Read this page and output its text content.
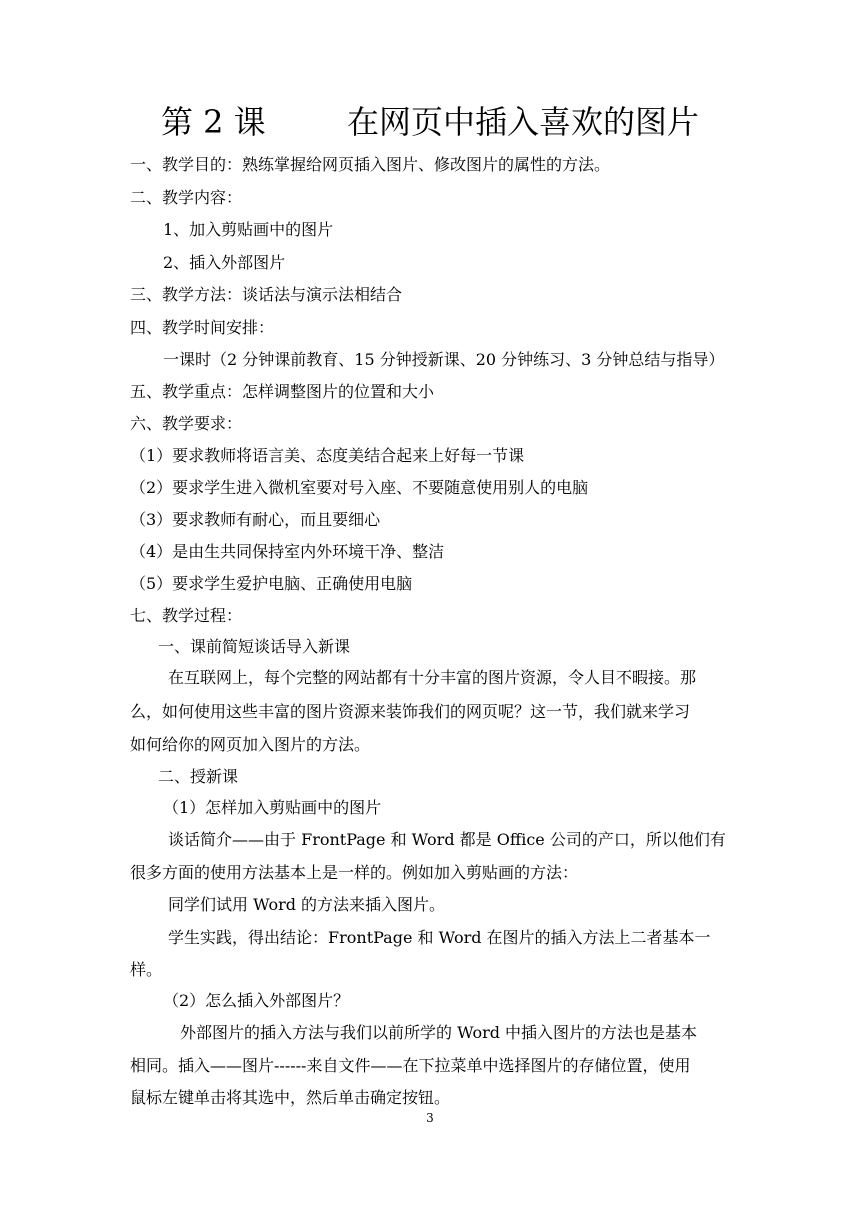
第 2 课        在网页中插入喜欢的图片
一、教学目的：熟练掌握给网页插入图片、修改图片的属性的方法。
二、教学内容：
1、加入剪贴画中的图片
2、插入外部图片
三、教学方法：谈话法与演示法相结合
四、教学时间安排：
一课时（2 分钟课前教育、15 分钟授新课、20 分钟练习、3 分钟总结与指导）
五、教学重点：怎样调整图片的位置和大小
六、教学要求：
（1）要求教师将语言美、态度美结合起来上好每一节课
（2）要求学生进入微机室要对号入座、不要随意使用别人的电脑
（3）要求教师有耐心，而且要细心
（4）是由生共同保持室内外环境干净、整洁
（5）要求学生爱护电脑、正确使用电脑
七、教学过程：
一、课前简短谈话导入新课
在互联网上，每个完整的网站都有十分丰富的图片资源，令人目不暇接。那
么，如何使用这些丰富的图片资源来装饰我们的网页呢？这一节，我们就来学习
如何给你的网页加入图片的方法。
二、授新课
（1）怎样加入剪贴画中的图片
谈话简介——由于 FrontPage 和 Word 都是 Office 公司的产口，所以他们有
很多方面的使用方法基本上是一样的。例如加入剪贴画的方法：
同学们试用 Word 的方法来插入图片。
学生实践，得出结论：FrontPage 和 Word 在图片的插入方法上二者基本一
样。
（2）怎么插入外部图片？
外部图片的插入方法与我们以前所学的 Word 中插入图片的方法也是基本
相同。插入——图片------来自文件——在下拉菜单中选择图片的存储位置，使用
鼠标左键单击将其选中，然后单击确定按钮。
3
